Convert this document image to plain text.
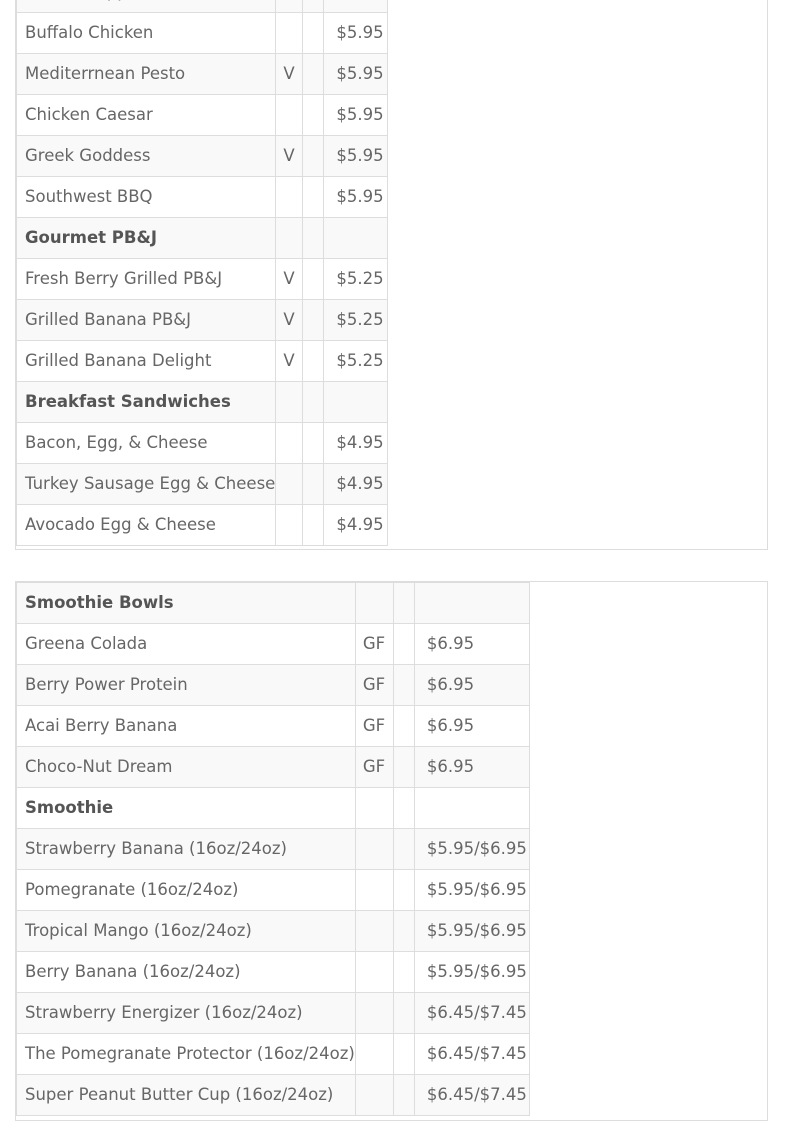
Buffalo Chicken			$5.95
Mediterrnean Pesto	V		$5.95
Chicken Caesar			$5.95
Greek Goddess	V		$5.95
Southwest BBQ			$5.95
Gourmet PB&J			
Fresh Berry Grilled PB&J	V		$5.25
Grilled Banana PB&J	V		$5.25
Grilled Banana Delight	V		$5.25
Breakfast Sandwiches			
Bacon, Egg, & Cheese			$4.95
Turkey Sausage Egg & Cheese			$4.95
Avocado Egg & Cheese			$4.95
Smoothie Bowls			
Greena Colada	GF		$6.95
Berry Power Protein	GF		$6.95
Acai Berry Banana	GF		$6.95
Choco-Nut Dream	GF		$6.95
Smoothie			
Strawberry Banana (16oz/24oz)			$5.95/$6.95
Pomegranate (16oz/24oz)			$5.95/$6.95
Tropical Mango (16oz/24oz)			$5.95/$6.95
Berry Banana (16oz/24oz)			$5.95/$6.95
Strawberry Energizer (16oz/24oz)			$6.45/$7.45
The Pomegranate Protector (16oz/24oz)			$6.45/$7.45
Super Peanut Butter Cup (16oz/24oz)			$6.45/$7.45
